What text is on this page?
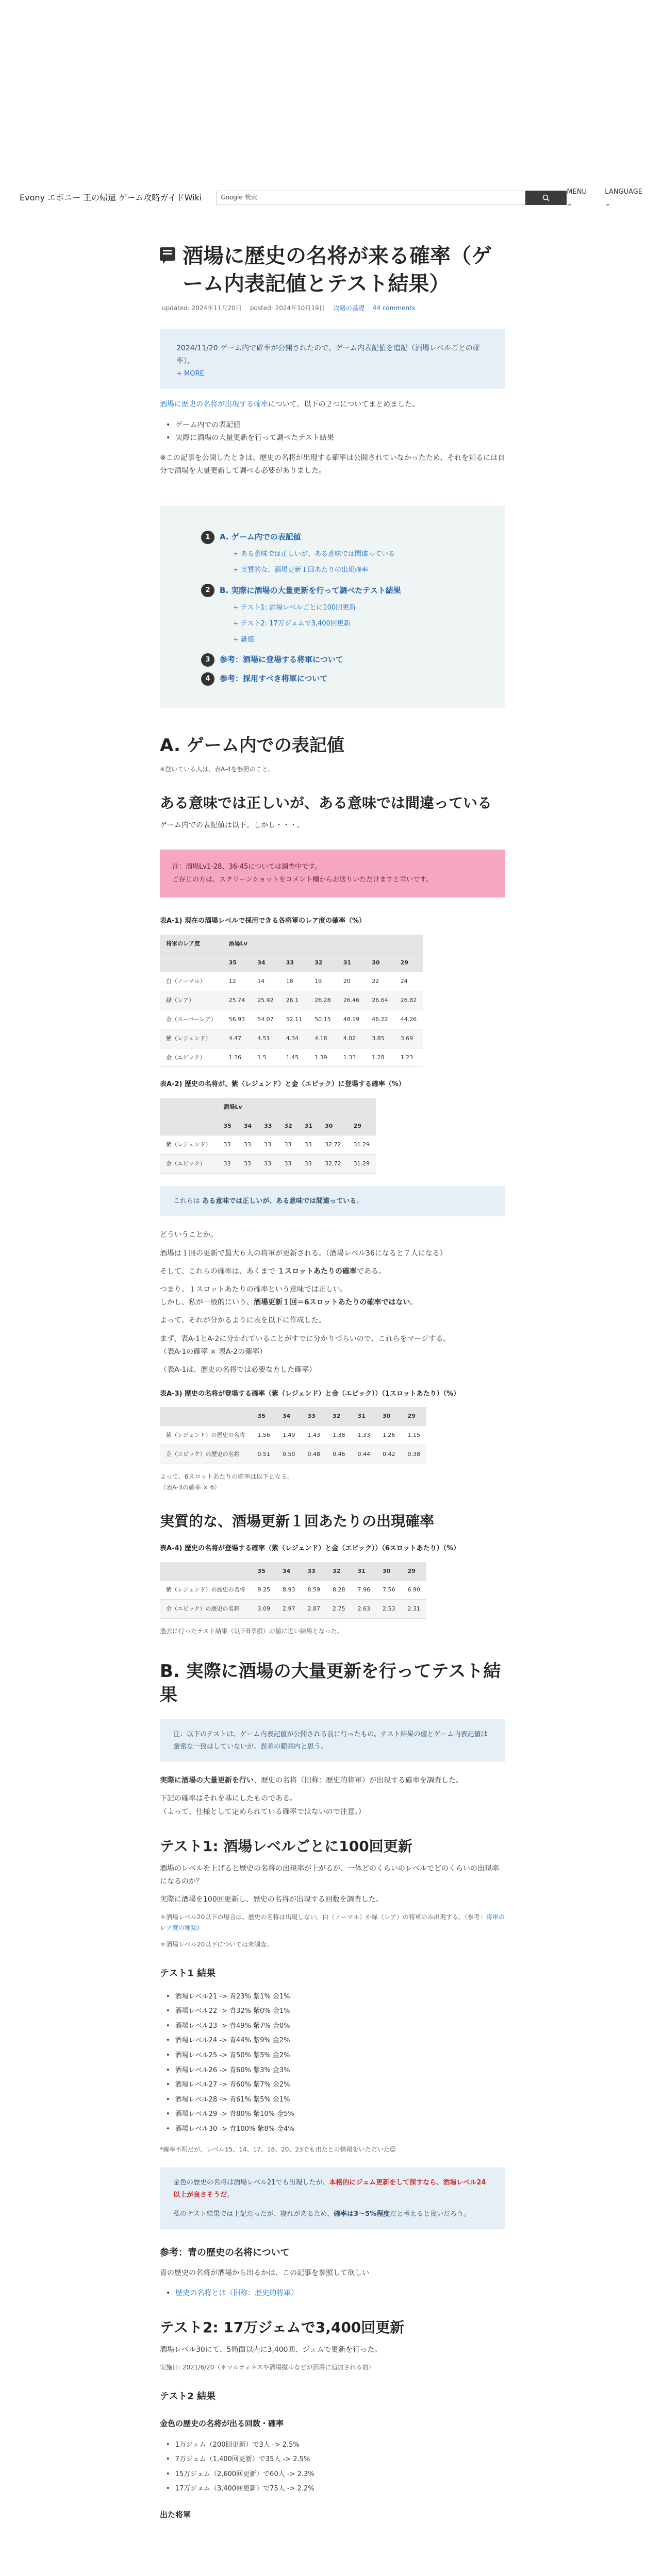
Evony エボニー 王の帰還 ゲーム攻略ガイドWiki	Google 検索
MENU ⌄
LANGUAGE ⌄
酒場に歴史の名将が来る確率（ゲーム内表記値とテスト結果）
updated: 2024年11月20日 posted: 2024年10月19日 攻略の基礎 44 comments
2024/11/20 ゲーム内で確率が公開されたので、ゲーム内表記値を追記（酒場レベルごとの確率）。
+ MORE

酒場に歴史の名将が出現する確率について、以下の２つについてまとめました。

• ゲーム内での表記値
• 実際に酒場の大量更新を行って調べたテスト結果

※この記事を公開したときは、歴史の名将が出現する確率は公開されていなかったため、それを知るには自分で酒場を大量更新して調べる必要がありました。

1	A. ゲーム内での表記値
+ ある意味では正しいが、ある意味では間違っている
+ 実質的な、酒場更新１回あたりの出現確率
2	B. 実際に酒場の大量更新を行って調べたテスト結果
+ テスト1: 酒場レベルごとに100回更新
+ テスト2: 17万ジェムで3,400回更新
+ 雑感
3	参考：酒場に登場する将軍について
4	参考：採用すべき将軍について
A. ゲーム内での表記値

※登いている人は、表A-4を参照のこと。

ある意味では正しいが、ある意味では間違っている

ゲーム内での表記値は以下。しかし・・・。

注：酒場Lv1-28、36-45については調査中です。
ご存じの方は、スクリーンショットをコメント欄からお送りいただけますと幸いです。
表A-1) 現在の酒場レベルで採用できる各将軍のレア度の確率（%）
将軍のレア度	酒場Lv						
	35	34	33	32	31	30	29
白（ノーマル）	12	14	18	19	20	22	24
緑（レア）	25.74	25.92	26.1	26.28	26.46	26.64	26.82
金（スーパーレア）	56.93	54.07	52.11	50.15	48.19	46.22	44.26
紫（レジェンド）	4.47	4.51	4.34	4.18	4.02	3.85	3.69
金（エピック）	1.36	1.5	1.45	1.39	1.33	1.28	1.23
表A-2) 歴史の名将が、紫（レジェンド）と金（エピック）に登場する確率（%）
	酒場Lv						
	35	34	33	32	31	30	29
紫（レジェンド）	33	33	33	33	33	32.72	31.29
金（エピック）	33	33	33	33	33	32.72	31.29
これらは ある意味では正しいが、ある意味では間違っている。

どういうことか。

酒場は１回の更新で最大６人の将軍が更新される。（酒場レベル36になると７人になる）

そして、これらの確率は、あくまで １スロットあたりの確率である。

つまり、１スロットあたりの確率という意味では正しい。
しかし、私が一般的にいう、酒場更新１回＝6スロットあたりの確率ではない。

よって、それが分かるように表を以下に作成した。

まず、表A-1とA-2に分かれていることがすでに分かりづらいので、これらをマージする。
（表A-1の確率 × 表A-2の確率）

（表A-1は、歴史の名将では必要な方した確率）

表A-3) 歴史の名将が登場する確率（紫（レジェンド）と金（エピック））（1スロットあたり）（%）
	35	34	33	32	31	30	29
紫（レジェンド）の歴史の名将	1.56	1.49	1.43	1.38	1.33	1.26	1.15
金（エピック）の歴史の名将	0.51	0.50	0.48	0.46	0.44	0.42	0.38

よって、6スロットあたりの確率は以下となる。
（表A-3の確率 × 6）

実質的な、酒場更新１回あたりの出現確率
表A-4) 歴史の名将が登場する確率（紫（レジェンド）と金（エピック））（6スロットあたり）（%）
	35	34	33	32	31	30	29
紫（レジェンド）の歴史の名将	9.25	8.93	8.59	8.28	7.96	7.56	6.90
金（エピック）の歴史の名将	3.09	2.97	2.87	2.75	2.63	2.53	2.31

過去に行ったテスト結果（以下B章群）の値に近い結果となった。

B. 実際に酒場の大量更新を行ってテスト結果
注：以下のテストは、ゲーム内表記値が公開される前に行ったもの。テスト結果の値とゲーム内表記値は厳密な一致はしていないが、誤差の範囲内と思う。

実際に酒場の大量更新を行い、歴史の名将（旧称：歴史的将軍）が出現する確率を調査した。

下記の確率はそれを基にしたものである。
（よって、仕様として定められている確率ではないので注意。）

テスト1: 酒場レベルごとに100回更新

酒場のレベルを上げると歴史の名将の出現率が上がるが、一体どのくらいのレベルでどのくらいの出現率になるのか？

実際に酒場を100回更新し、歴史の名将が出現する回数を調査した。

＊酒場レベル20以下の場合は、歴史の名将は出現しない。白（ノーマル）か緑（レア）の将軍のみ出現する。（参考：将軍のレア度の種類）

＊酒場レベル20以下については未調査。

テスト1 結果
• 酒場レベル21 -> 青23% 紫1% 金1%
• 酒場レベル22 -> 青32% 紫0% 金1%
• 酒場レベル23 -> 青49% 紫7% 金0%
• 酒場レベル24 -> 青44% 紫9% 金2%
• 酒場レベル25 -> 青50% 紫5% 金2%
• 酒場レベル26 -> 青60% 紫3% 金3%
• 酒場レベル27 -> 青60% 紫7% 金2%
• 酒場レベル28 -> 青61% 紫5% 金1%
• 酒場レベル29 -> 青80% 紫10% 金5%
• 酒場レベル30 -> 青100% 紫8% 金4%

*確率不明だが、レベル15、14、17、18、20、23でも出たとの情報をいただいた😊

金色の歴史の名将は酒場レベル21でも出現したが、本格的にジェム更新をして探すなら、酒場レベル24以上が良さそうだ。
私のテスト結果では上記だったが、寝れがあるため、確率は3～5%程度だと考えると良いだろう。
参考：青の歴史の名将について

青の歴史の名将が酒場から出るかは、この記事を参照して欲しい

• 歴史の名将とは（旧称：歴史的将軍）
テスト2: 17万ジェムで3,400回更新

酒場レベル30にて、5局面以内に3,400回、ジェムで更新を行った。

実施日: 2021/6/20（＊マルティネスや酒場撤ルなどが酒場に追加される前）

テスト2 結果
金色の歴史の名将が出る回数・確率
• 1万ジェム（200回更新）で3人 -> 2.5%
• 7万ジェム（1,400回更新）で35人 -> 2.5%
• 15万ジェム（2,600回更新）で60人 -> 2.3%
• 17万ジェム（3,400回更新）で75人 -> 2.2%
出た将軍
